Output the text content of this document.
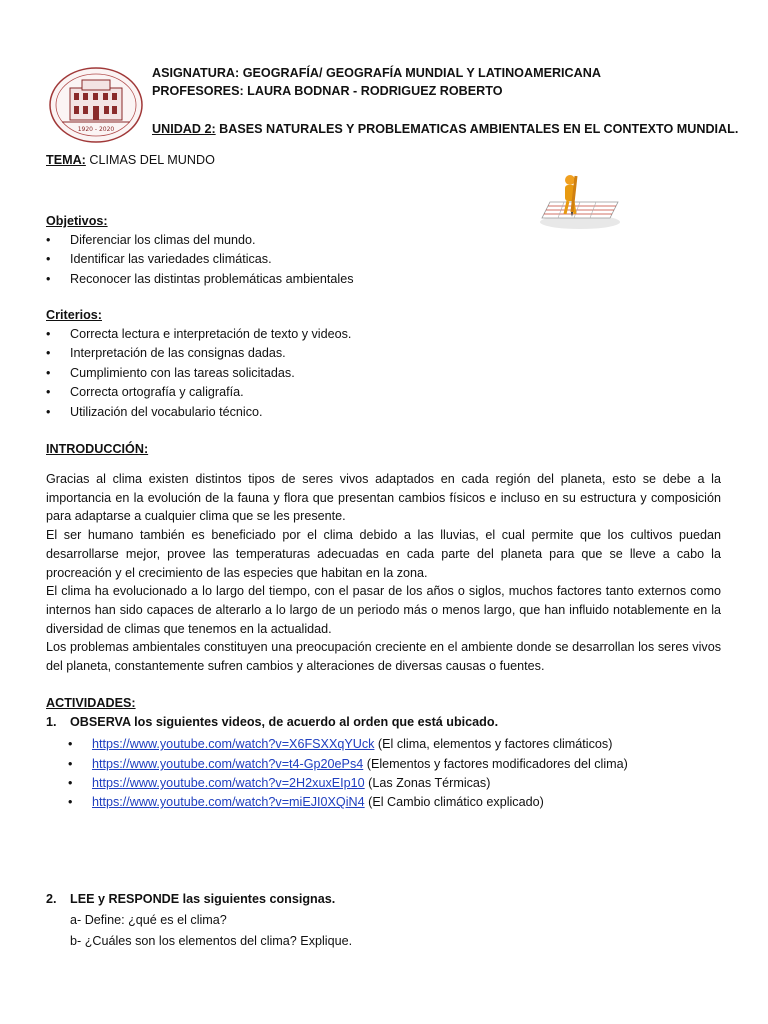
1920 - 2020
ASIGNATURA: GEOGRAFÍA/ GEOGRAFÍA MUNDIAL Y LATINOAMERICANA
PROFESORES: LAURA BODNAR - RODRIGUEZ ROBERTO
UNIDAD 2: BASES NATURALES Y PROBLEMATICAS AMBIENTALES EN EL CONTEXTO MUNDIAL.
TEMA: CLIMAS DEL MUNDO
Objetivos:
• Diferenciar los climas del mundo.
• Identificar las variedades climáticas.
• Reconocer las distintas problemáticas ambientales
Criterios:
• Correcta lectura e interpretación de texto y videos.
• Interpretación de las consignas dadas.
• Cumplimiento con las tareas solicitadas.
• Correcta ortografía y caligrafía.
• Utilización del vocabulario técnico.
INTRODUCCIÓN:

Gracias al clima existen distintos tipos de seres vivos adaptados en cada región del planeta, esto se debe a la importancia en la evolución de la fauna y flora que presentan cambios físicos e incluso en su estructura y composición para adaptarse a cualquier clima que se les presente.

El ser humano también es beneficiado por el clima debido a las lluvias, el cual permite que los cultivos puedan desarrollarse mejor, provee las temperaturas adecuadas en cada parte del planeta para que se lleve a cabo la procreación y el crecimiento de las especies que habitan en la zona.

El clima ha evolucionado a lo largo del tiempo, con el pasar de los años o siglos, muchos factores tanto externos como internos han sido capaces de alterarlo a lo largo de un periodo más o menos largo, que han influido notablemente en la diversidad de climas que tenemos en la actualidad.

Los problemas ambientales constituyen una preocupación creciente en el ambiente donde se desarrollan los seres vivos del planeta, constantemente sufren cambios y alteraciones de diversas causas o fuentes.

ACTIVIDADES:
1. OBSERVA los siguientes videos, de acuerdo al orden que está ubicado.
• https://www.youtube.com/watch?v=X6FSXXqYUck (El clima, elementos y factores climáticos)
• https://www.youtube.com/watch?v=t4-Gp20ePs4 (Elementos y factores modificadores del clima)
• https://www.youtube.com/watch?v=2H2xuxEIp10 (Las Zonas Térmicas)
• https://www.youtube.com/watch?v=miEJI0XQiN4 (El Cambio climático explicado)
2. LEE y RESPONDE las siguientes consignas.
a- Define: ¿qué es el clima?
b- ¿Cuáles son los elementos del clima? Explique.
